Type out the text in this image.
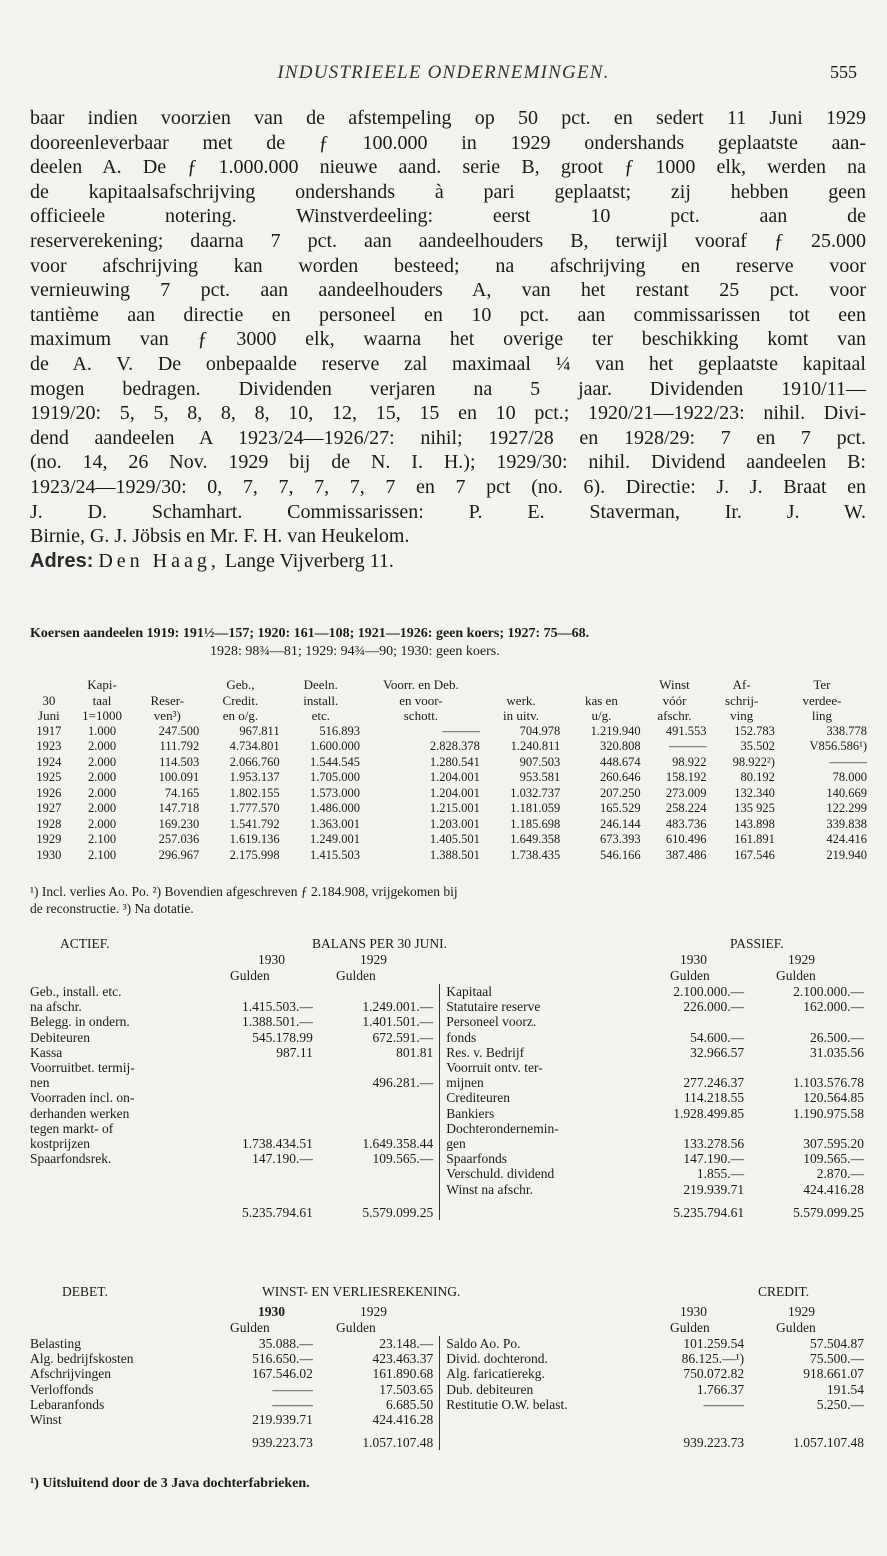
INDUSTRIEELE ONDERNEMINGEN.	555
baar indien voorzien van de afstempeling op 50 pct. en sedert 11 Juni 1929
dooreenleverbaar met de ƒ 100.000 in 1929 ondershands geplaatste aan-
deelen A. De ƒ 1.000.000 nieuwe aand. serie B, groot ƒ 1000 elk, werden na
de kapitaalsafschrijving ondershands à pari geplaatst; zij hebben geen
officieele notering. Winstverdeeling: eerst 10 pct. aan de
reserverekening; daarna 7 pct. aan aandeelhouders B, terwijl vooraf ƒ 25.000
voor afschrijving kan worden besteed; na afschrijving en reserve voor
vernieuwing 7 pct. aan aandeelhouders A, van het restant 25 pct. voor
tantième aan directie en personeel en 10 pct. aan commissarissen tot een
maximum van ƒ 3000 elk, waarna het overige ter beschikking komt van
de A. V. De onbepaalde reserve zal maximaal ¼ van het geplaatste kapitaal
mogen bedragen. Dividenden verjaren na 5 jaar. Dividenden 1910/11—
1919/20: 5, 5, 8, 8, 8, 10, 12, 15, 15 en 10 pct.; 1920/21—1922/23: nihil. Divi-
dend aandeelen A 1923/24—1926/27: nihil; 1927/28 en 1928/29: 7 en 7 pct.
(no. 14, 26 Nov. 1929 bij de N. I. H.); 1929/30: nihil. Dividend aandeelen B:
1923/24—1929/30: 0, 7, 7, 7, 7, 7 en 7 pct (no. 6). Directie: J. J. Braat en
J. D. Schamhart. Commissarissen: P. E. Staverman, Ir. J. W.
Birnie, G. J. Jöbsis en Mr. F. H. van Heukelom.
Adres: Den Haag, Lange Vijverberg 11.
Koersen aandeelen 1919: 191½—157; 1920: 161—108; 1921—1926: geen koers; 1927: 75—68.
1928: 98¾—81; 1929: 94¾—90; 1930: geen koers.
	Kapi-		Geb.,	Deeln.	Voorr. en Deb.			Winst	Af-	Ter
30	taal	Reser-	Credit.	install.	en voor-	werk.	kas en	vóór	schrij-	verdee-
Juni	1=1000	ven³)	en o/g.	etc.	schott.	in uitv.	u/g.	afschr.	ving	ling
1917	1.000	247.500	967.811	516.893	———	704.978	1.219.940	491.553	152.783	338.778
1923	2.000	111.792	4.734.801	1.600.000	2.828.378	1.240.811	320.808	———	35.502	V856.586¹)
1924	2.000	114.503	2.066.760	1.544.545	1.280.541	907.503	448.674	98.922	98.922²)	———
1925	2.000	100.091	1.953.137	1.705.000	1.204.001	953.581	260.646	158.192	80.192	78.000
1926	2.000	74.165	1.802.155	1.573.000	1.204.001	1.032.737	207.250	273.009	132.340	140.669
1927	2.000	147.718	1.777.570	1.486.000	1.215.001	1.181.059	165.529	258.224	135 925	122.299
1928	2.000	169.230	1.541.792	1.363.001	1.203.001	1.185.698	246.144	483.736	143.898	339.838
1929	2.100	257.036	1.619.136	1.249.001	1.405.501	1.649.358	673.393	610.496	161.891	424.416
1930	2.100	296.967	2.175.998	1.415.503	1.388.501	1.738.435	546.166	387.486	167.546	219.940
¹) Incl. verlies Ao. Po. ²) Bovendien afgeschreven ƒ 2.184.908, vrijgekomen bij
de reconstructie. ³) Na dotatie.
ACTIEF.	BALANS PER 30 JUNI.	PASSIEF.
1930	1929	1930	1929
Gulden	Gulden	Gulden	Gulden
Geb., install. etc.			Kapitaal	2.100.000.—	2.100.000.—
na afschr.	1.415.503.—	1.249.001.—	Statutaire reserve	226.000.—	162.000.—
Belegg. in ondern.	1.388.501.—	1.401.501.—	Personeel voorz.		
Debiteuren	545.178.99	672.591.—	fonds	54.600.—	26.500.—
Kassa	987.11	801.81	Res. v. Bedrijf	32.966.57	31.035.56
Voorruitbet. termij-			Voorruit ontv. ter-		
nen		496.281.—	mijnen	277.246.37	1.103.576.78
Voorraden incl. on-			Crediteuren	114.218.55	120.564.85
derhanden werken			Bankiers	1.928.499.85	1.190.975.58
tegen markt- of			Dochterondernemin-		
kostprijzen	1.738.434.51	1.649.358.44	gen	133.278.56	307.595.20
Spaarfondsrek.	147.190.—	109.565.—	Spaarfonds	147.190.—	109.565.—
			Verschuld. dividend	1.855.—	2.870.—
			Winst na afschr.	219.939.71	424.416.28
	5.235.794.61	5.579.099.25		5.235.794.61	5.579.099.25
DEBET.	WINST- EN VERLIESREKENING.	CREDIT.
1930	1929	1930	1929
Gulden	Gulden	Gulden	Gulden
Belasting	35.088.—	23.148.—	Saldo Ao. Po.	101.259.54	57.504.87
Alg. bedrijfskosten	516.650.—	423.463.37	Divid. dochterond.	86.125.—¹)	75.500.—
Afschrijvingen	167.546.02	161.890.68	Alg. faricatierekg.	750.072.82	918.661.07
Verloffonds	———	17.503.65	Dub. debiteuren	1.766.37	191.54
Lebaranfonds	———	6.685.50	Restitutie O.W. belast.	———	5.250.—
Winst	219.939.71	424.416.28			
	939.223.73	1.057.107.48		939.223.73	1.057.107.48
¹) Uitsluitend door de 3 Java dochterfabrieken.
